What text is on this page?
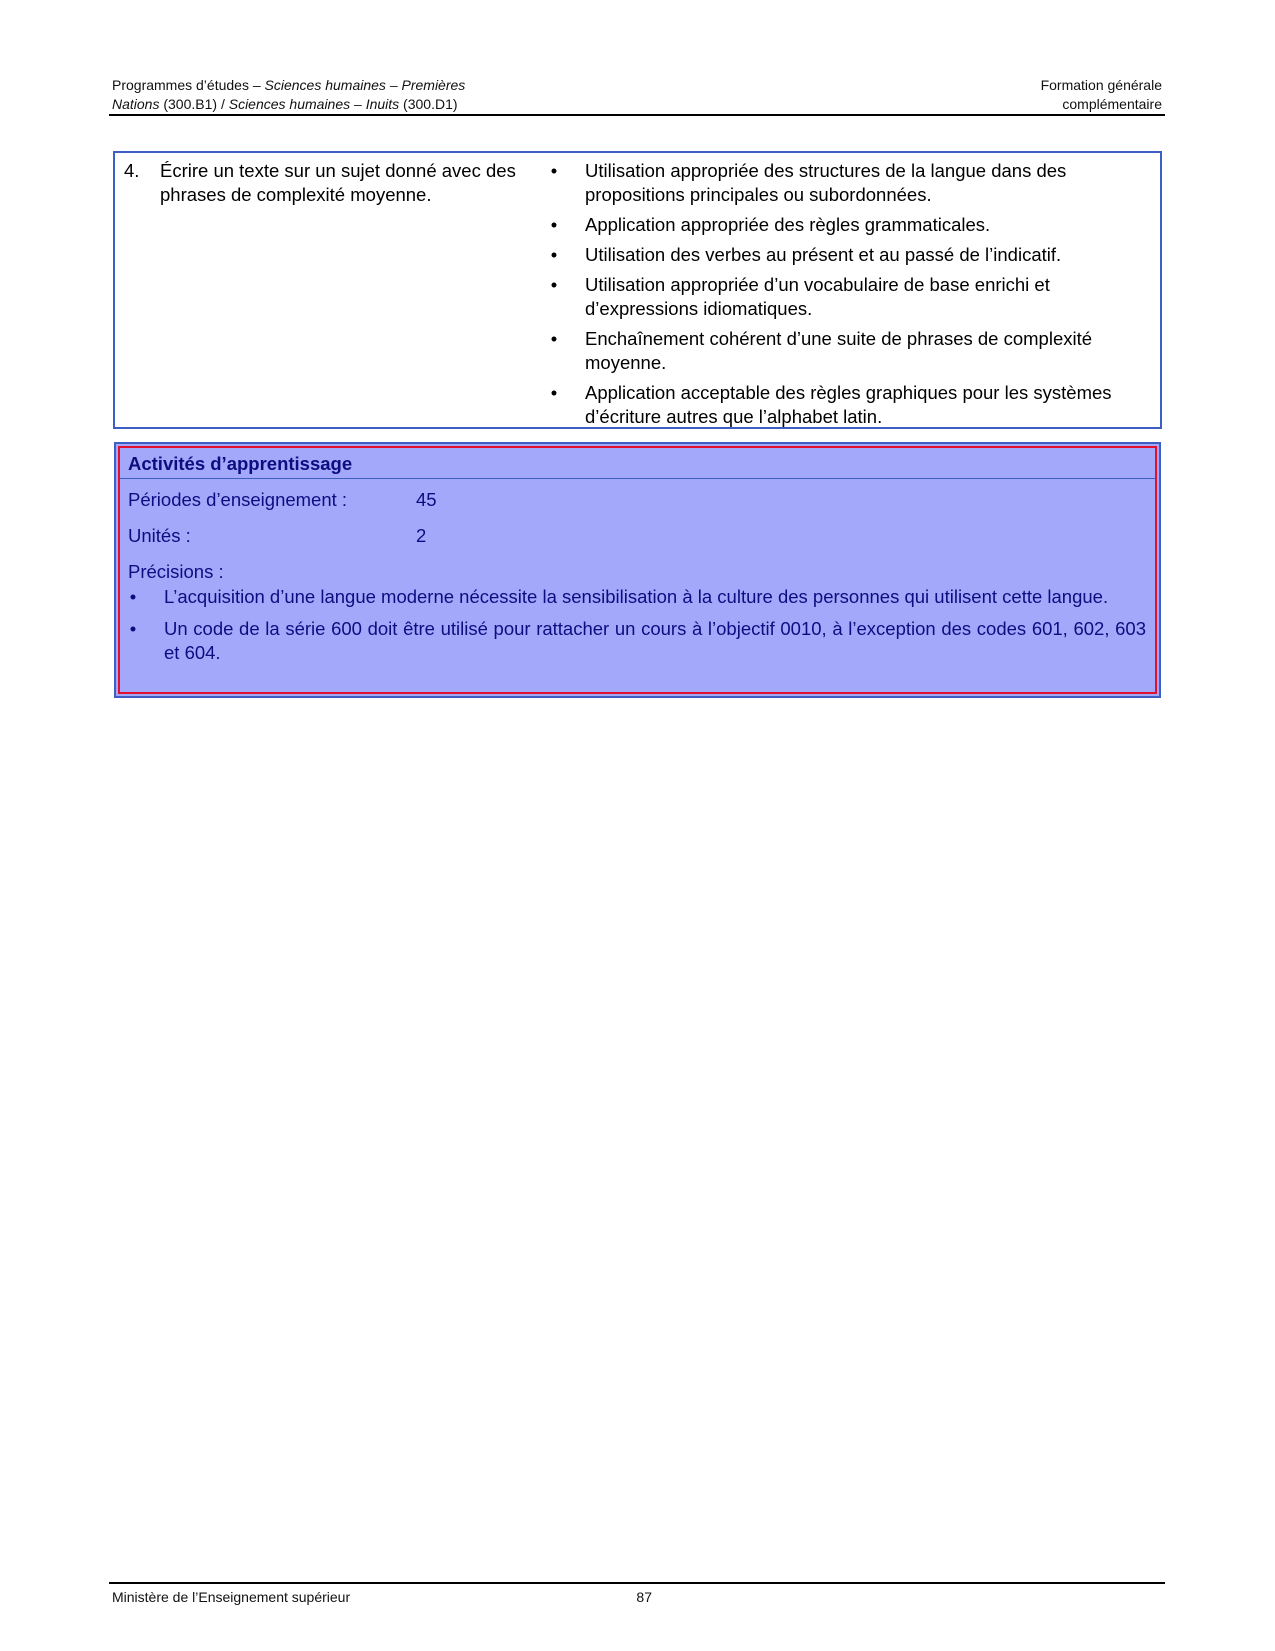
Programmes d’études – Sciences humaines – Premières	Formation générale
Nations (300.B1) / Sciences humaines – Inuits (300.D1)	complémentaire
4. Écrire un texte sur un sujet donné avec des phrases de complexité moyenne.
• Utilisation appropriée des structures de la langue dans des propositions principales ou subordonnées.
• Application appropriée des règles grammaticales.
• Utilisation des verbes au présent et au passé de l’indicatif.
• Utilisation appropriée d’un vocabulaire de base enrichi et d’expressions idiomatiques.
• Enchaînement cohérent d’une suite de phrases de complexité moyenne.
• Application acceptable des règles graphiques pour les systèmes d’écriture autres que l’alphabet latin.
Activités d’apprentissage
Périodes d’enseignement :	45
Unités :	2
Précisions :
• L’acquisition d’une langue moderne nécessite la sensibilisation à la culture des personnes qui utilisent cette langue.
• Un code de la série 600 doit être utilisé pour rattacher un cours à l’objectif 0010, à l’exception des codes 601, 602, 603 et 604.
Ministère de l’Enseignement supérieur	87
